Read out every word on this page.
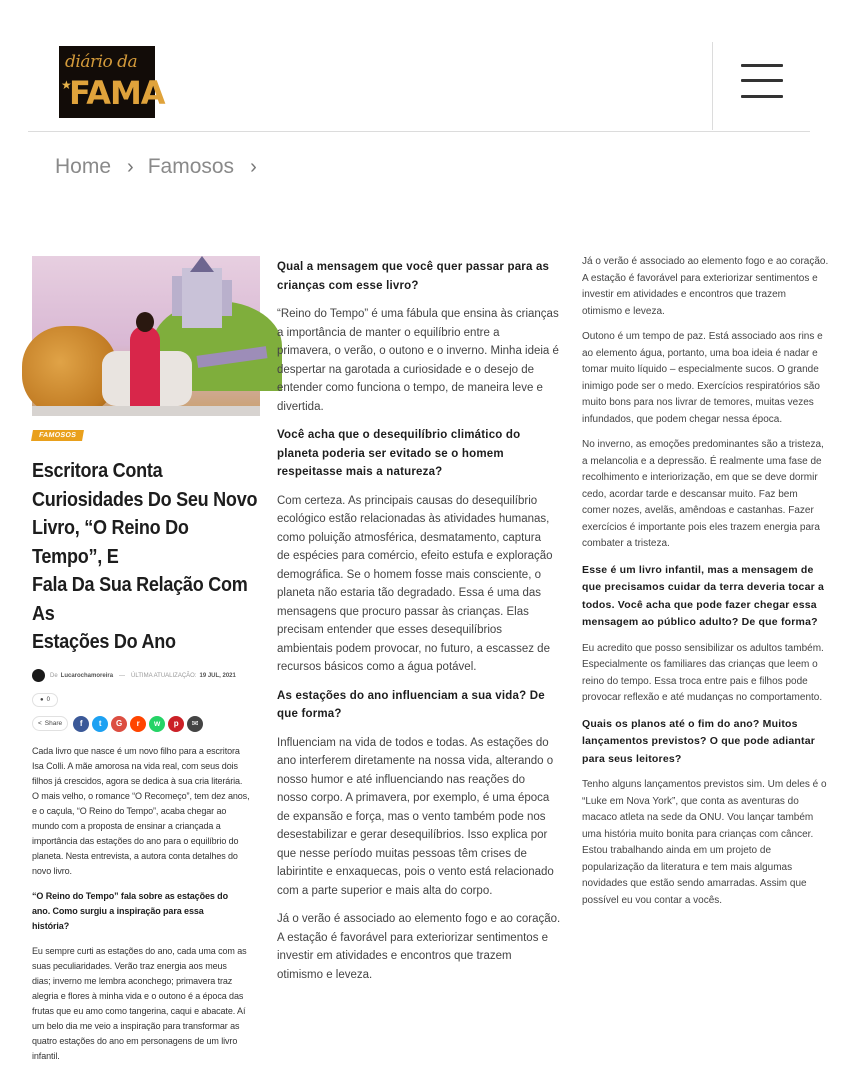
diário da
★
FAMA
Home › Famosos ›
FAMOSOS
Escritora Conta
Curiosidades Do Seu Novo
Livro, “O Reino Do Tempo”, E
Fala Da Sua Relação Com As
Estações Do Ano
De Lucarochamoreira — ÚLTIMA ATUALIZAÇÃO: 19 JUL, 2021
● 0
< Share	f	t	G	r	w	p	✉

Cada livro que nasce é um novo filho para a escritora
Isa Colli. A mãe amorosa na vida real, com seus dois
filhos já crescidos, agora se dedica à sua cria literária.
O mais velho, o romance “O Recomeço”, tem dez anos,
e o caçula, “O Reino do Tempo”, acaba chegar ao
mundo com a proposta de ensinar a criançada a
importância das estações do ano para o equilíbrio do
planeta. Nesta entrevista, a autora conta detalhes do
novo livro.

“O Reino do Tempo” fala sobre as estações do
ano. Como surgiu a inspiração para essa
história?

Eu sempre curti as estações do ano, cada uma com as
suas peculiaridades. Verão traz energia aos meus
dias; inverno me lembra aconchego; primavera traz
alegria e flores à minha vida e o outono é a época das
frutas que eu amo como tangerina, caqui e abacate. Aí
um belo dia me veio a inspiração para transformar as
quatro estações do ano em personagens de um livro
infantil.

Qual a mensagem que você quer passar para as
crianças com esse livro?

“Reino do Tempo” é uma fábula que ensina às crianças
a importância de manter o equilíbrio entre a
primavera, o verão, o outono e o inverno. Minha ideia é
despertar na garotada a curiosidade e o desejo de
entender como funciona o tempo, de maneira leve e
divertida.

Você acha que o desequilíbrio climático do
planeta poderia ser evitado se o homem
respeitasse mais a natureza?

Com certeza. As principais causas do desequilíbrio
ecológico estão relacionadas às atividades humanas,
como poluição atmosférica, desmatamento, captura
de espécies para comércio, efeito estufa e exploração
demográfica. Se o homem fosse mais consciente, o
planeta não estaria tão degradado. Essa é uma das
mensagens que procuro passar às crianças. Elas
precisam entender que esses desequilíbrios
ambientais podem provocar, no futuro, a escassez de
recursos básicos como a água potável.

As estações do ano influenciam a sua vida? De
que forma?

Influenciam na vida de todos e todas. As estações do
ano interferem diretamente na nossa vida, alterando o
nosso humor e até influenciando nas reações do
nosso corpo. A primavera, por exemplo, é uma época
de expansão e força, mas o vento também pode nos
desestabilizar e gerar desequilíbrios. Isso explica por
que nesse período muitas pessoas têm crises de
labirintite e enxaquecas, pois o vento está relacionado
com a parte superior e mais alta do corpo.

Já o verão é associado ao elemento fogo e ao coração.
A estação é favorável para exteriorizar sentimentos e
investir em atividades e encontros que trazem
otimismo e leveza.

Já o verão é associado ao elemento fogo e ao coração.
A estação é favorável para exteriorizar sentimentos e
investir em atividades e encontros que trazem
otimismo e leveza.

Outono é um tempo de paz. Está associado aos rins e
ao elemento água, portanto, uma boa ideia é nadar e
tomar muito líquido – especialmente sucos. O grande
inimigo pode ser o medo. Exercícios respiratórios são
muito bons para nos livrar de temores, muitas vezes
infundados, que podem chegar nessa época.

No inverno, as emoções predominantes são a tristeza,
a melancolia e a depressão. É realmente uma fase de
recolhimento e interiorização, em que se deve dormir
cedo, acordar tarde e descansar muito. Faz bem
comer nozes, avelãs, amêndoas e castanhas. Fazer
exercícios é importante pois eles trazem energia para
combater a tristeza.

Esse é um livro infantil, mas a mensagem de
que precisamos cuidar da terra deveria tocar a
todos. Você acha que pode fazer chegar essa
mensagem ao público adulto? De que forma?

Eu acredito que posso sensibilizar os adultos também.
Especialmente os familiares das crianças que leem o
reino do tempo. Essa troca entre pais e filhos pode
provocar reflexão e até mudanças no comportamento.

Quais os planos até o fim do ano? Muitos
lançamentos previstos? O que pode adiantar
para seus leitores?

Tenho alguns lançamentos previstos sim. Um deles é o
“Luke em Nova York”, que conta as aventuras do
macaco atleta na sede da ONU. Vou lançar também
uma história muito bonita para crianças com câncer.
Estou trabalhando ainda em um projeto de
popularização da literatura e tem mais algumas
novidades que estão sendo amarradas. Assim que
possível eu vou contar a vocês.
